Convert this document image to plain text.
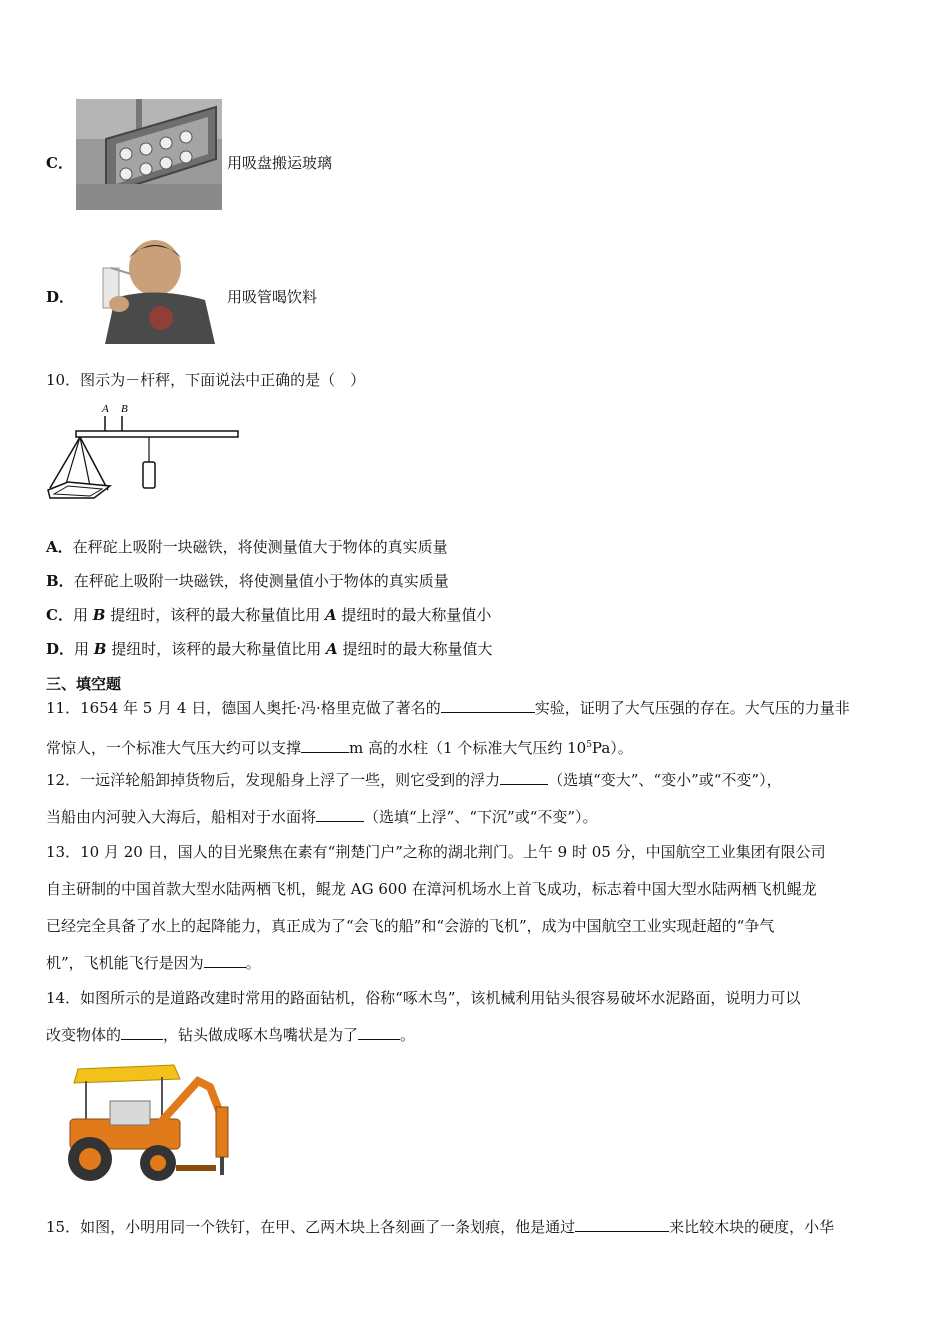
C．	用吸盘搬运玻璃
D．	用吸管喝饮料
10．图示为－杆秤，下面说法中正确的是（　）
A B
A．在秤砣上吸附一块磁铁，将使测量值大于物体的真实质量
B．在秤砣上吸附一块磁铁，将使测量值小于物体的真实质量
C．用 B 提纽时，该秤的最大称量值比用 A 提纽时的最大称量值小
D．用 B 提纽时，该秤的最大称量值比用 A 提纽时的最大称量值大
三、填空题
11．1654 年 5 月 4 日，德国人奥托·冯·格里克做了著名的	实验，证明了大气压强的存在。大气压的力量非
常惊人，一个标准大气压大约可以支撑	m 高的水柱（1 个标准大气压约 $10^5Pa$）。
12．一远洋轮船卸掉货物后，发现船身上浮了一些，则它受到的浮力	（选填“变大”、“变小”或“不变”），
当船由内河驶入大海后，船相对于水面将	（选填“上浮”、“下沉”或“不变”）。
13．10 月 20 日，国人的目光聚焦在素有“荆楚门户”之称的湖北荆门。上午 9 时 05 分，中国航空工业集团有限公司
自主研制的中国首款大型水陆两栖飞机，鲲龙 AG 600 在漳河机场水上首飞成功，标志着中国大型水陆两栖飞机鲲龙
已经完全具备了水上的起降能力，真正成为了“会飞的船”和“会游的飞机”，成为中国航空工业实现赶超的“争气
机”，飞机能飞行是因为	。
14．如图所示的是道路改建时常用的路面钻机，俗称“啄木鸟”，该机械利用钻头很容易破坏水泥路面，说明力可以
改变物体的	，钻头做成啄木鸟嘴状是为了	。
15．如图，小明用同一个铁钉，在甲、乙两木块上各刻画了一条划痕，他是通过	来比较木块的硬度，小华
